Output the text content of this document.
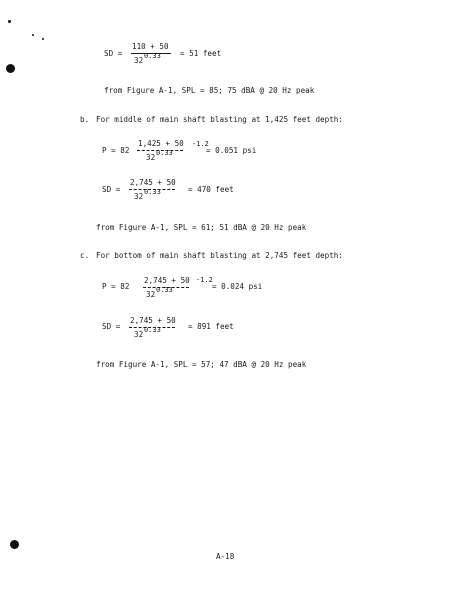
SD =
110 + 50
32 0.33	= 51 feet
from Figure A-1, SPL = 85; 75 dBA @ 20 Hz peak
b. For middle of main shaft blasting at 1,425 feet depth:
P = 82
1,425 + 50
32 0.33
-1.2
= 0.051 psi
SD =
2,745 + 50
32 0.33	= 470 feet
from Figure A-1, SPL = 61; 51 dBA @ 20 Hz peak
c. For bottom of main shaft blasting at 2,745 feet depth:
P = 82
2,745 + 50
32 0.33
-1.2
= 0.024 psi
SD =
2,745 + 50
32 0.33	= 891 feet
from Figure A-1, SPL = 57; 47 dBA @ 20 Hz peak
A-18
